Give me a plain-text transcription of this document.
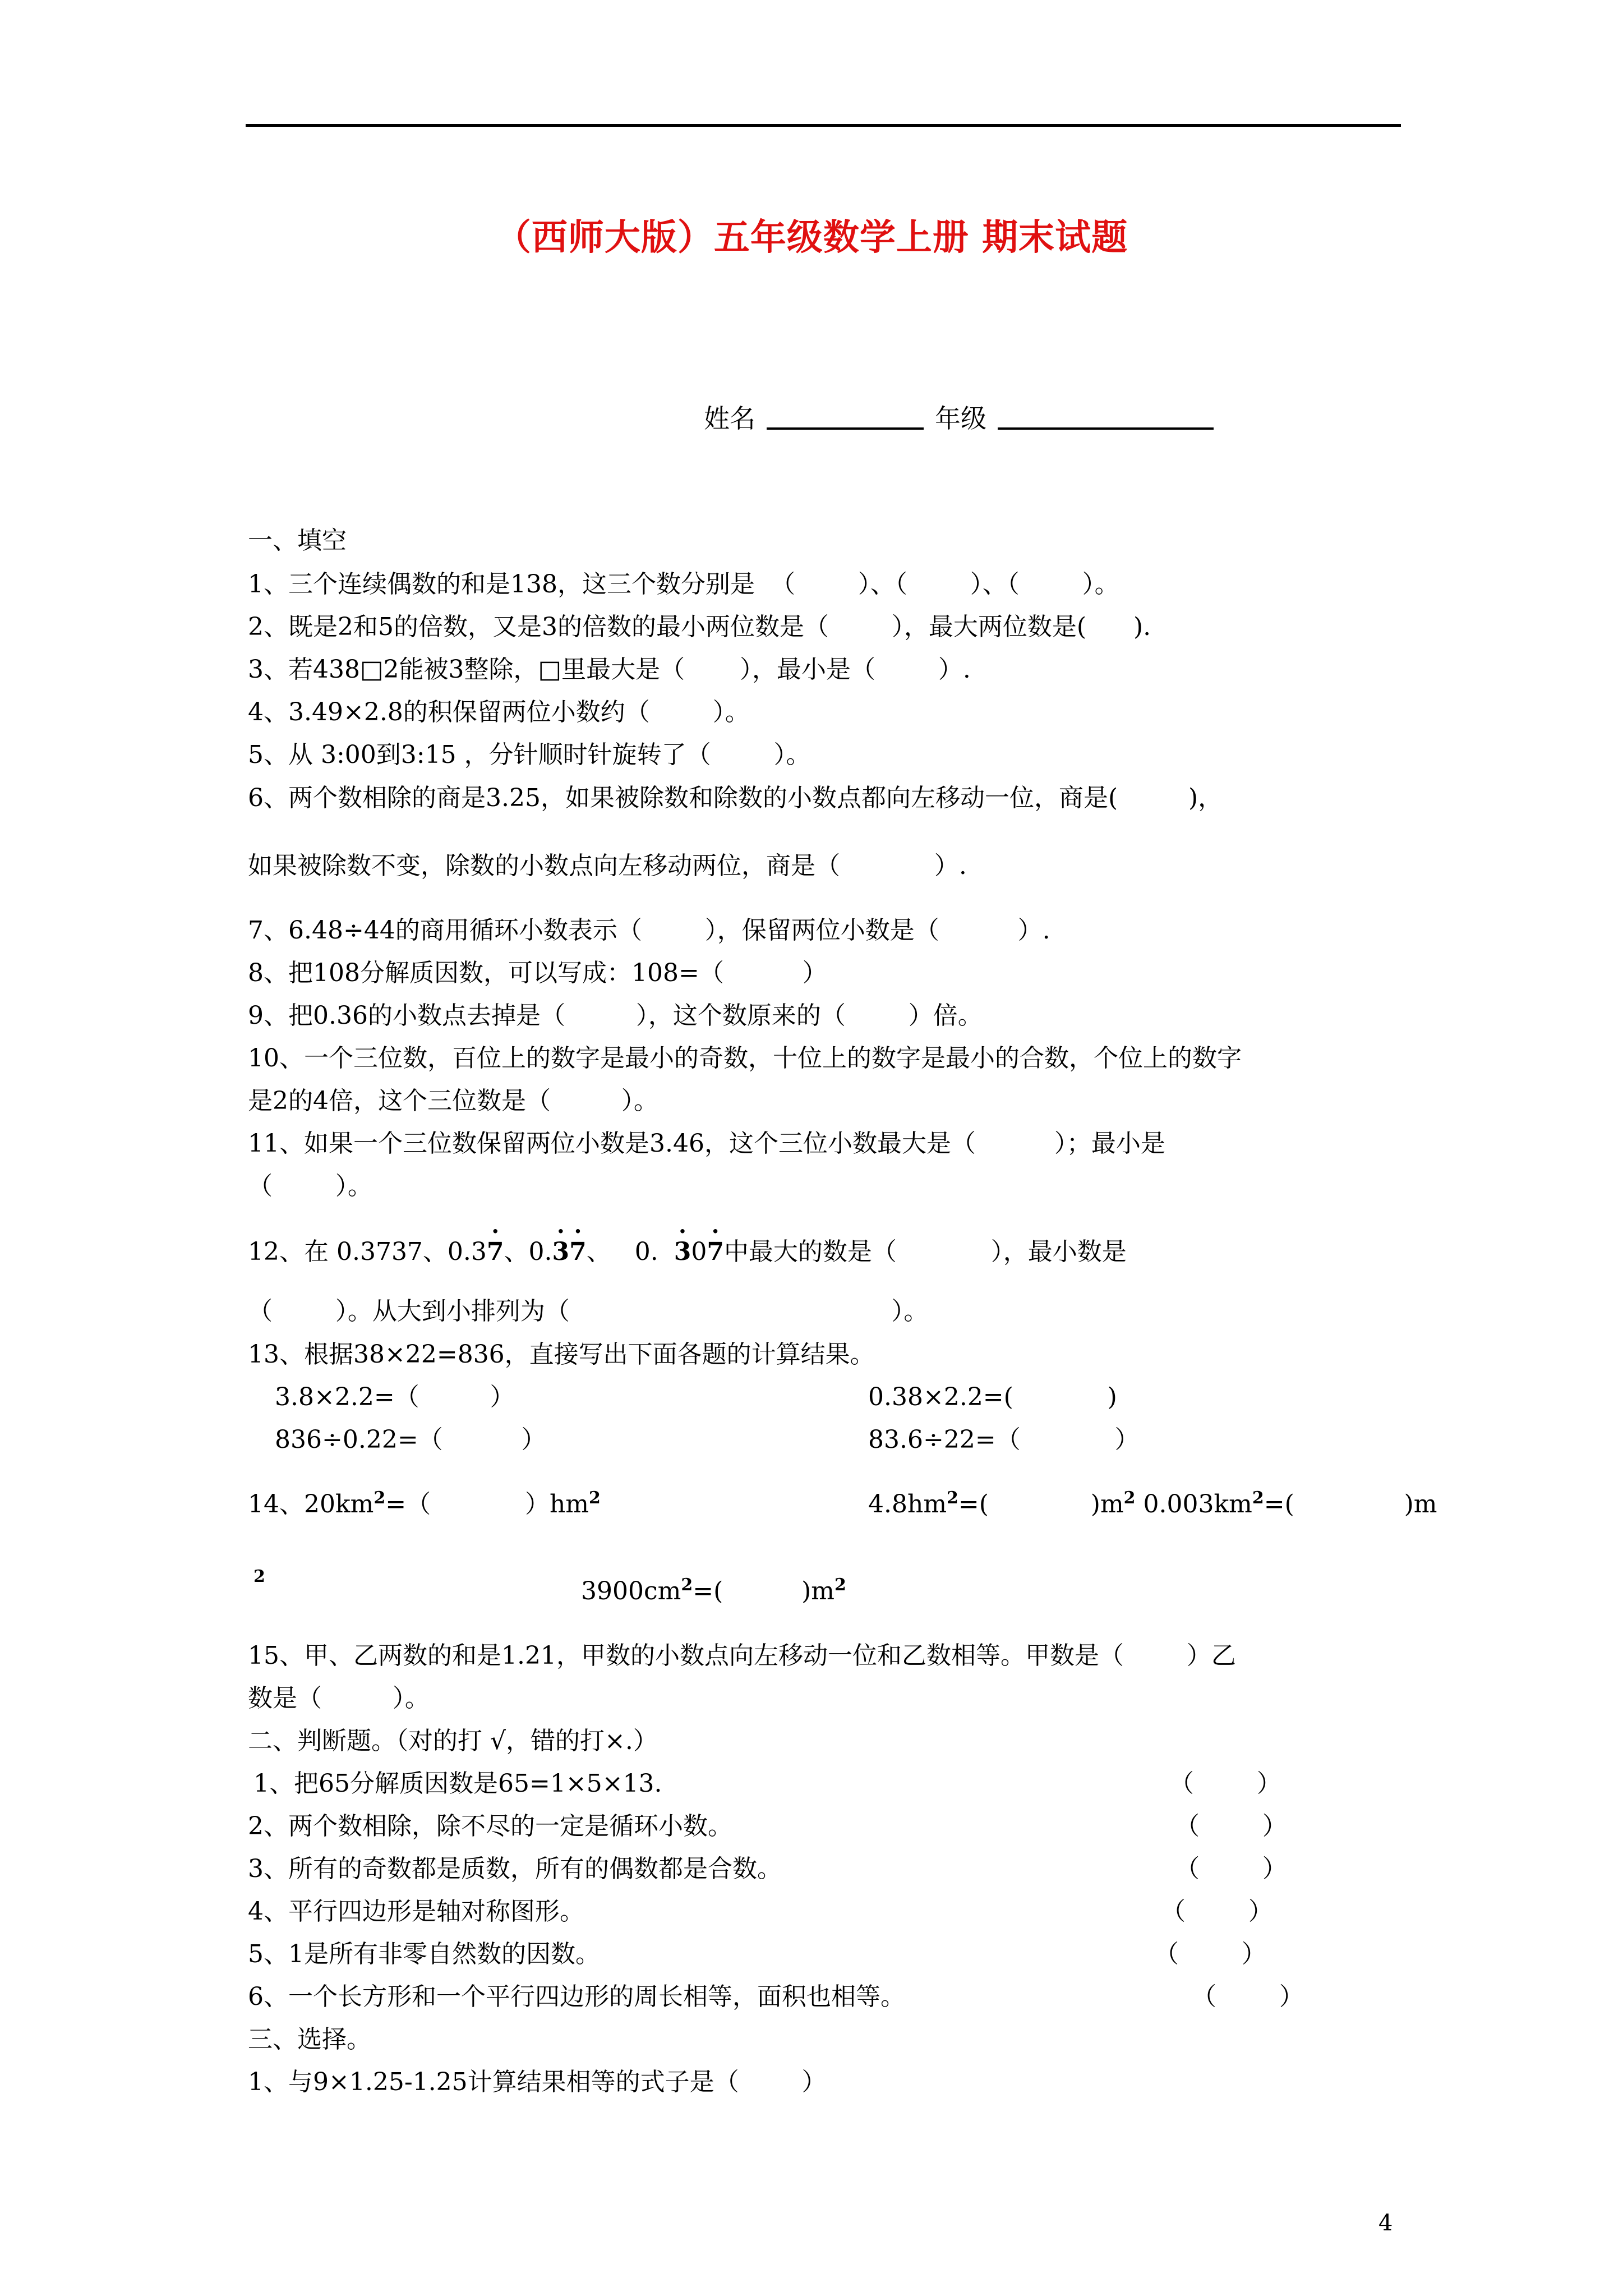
（西师大版）五年级数学上册 期末试题
姓名	年级
一、填空
1、三个连续偶数的和是138，这三个数分别是  （        ）、（        ）、（        ）。
2、既是2和5的倍数，又是3的倍数的最小两位数是（        ），最大两位数是(      ).
3、若438□2能被3整除，□里最大是（       ），最小是（        ）.
4、3.49×2.8的积保留两位小数约（        ）。
5、从 3:00到3:15 ，分针顺时针旋转了（        ）。
6、两个数相除的商是3.25，如果被除数和除数的小数点都向左移动一位，商是(         )，
如果被除数不变，除数的小数点向左移动两位，商是（            ）.
7、6.48÷44的商用循环小数表示（        ），保留两位小数是（          ）.
8、把108分解质因数，可以写成：108=（          ）
9、把0.36的小数点去掉是（         ），这个数原来的（        ）倍。
10、一个三位数，百位上的数字是最小的奇数，十位上的数字是最小的合数，个位上的数字
是2的4倍，这个三位数是（         ）。
11、如果一个三位数保留两位小数是3.46，这个三位小数最大是（          ）；最小是
（        ）。
12、在 0.3737、0.3· 7、0.· 3· 7、   0.  · 30· 7中最大的数是（            ），最小数是
（        ）。从大到小排列为（                                         ）。
13、根据38×22=836，直接写出下面各题的计算结果。
3.8×2.2=（         ）	0.38×2.2=(            )
836÷0.22=（          ）	83.6÷22=（            ）
14、$20km^2=$（            ）$hm^2$	$4.8hm^2=$(             )$m^2$ $0.003km^2=$(              )m
$^2$
$3900cm^2=$(          )$m^2$
15、甲、乙两数的和是1.21，甲数的小数点向左移动一位和乙数相等。甲数是（        ）乙
数是（         ）。
二、判断题。（对的打 √，错的打×.）
1、把65分解质因数是65=1×5×13.	（        ）
2、两个数相除，除不尽的一定是循环小数。	（        ）
3、所有的奇数都是质数，所有的偶数都是合数。	（        ）
4、平行四边形是轴对称图形。	（        ）
5、1是所有非零自然数的因数。	（        ）
6、一个长方形和一个平行四边形的周长相等，面积也相等。	（        ）
三、选择。
1、与9×1.25-1.25计算结果相等的式子是（        ）
4
